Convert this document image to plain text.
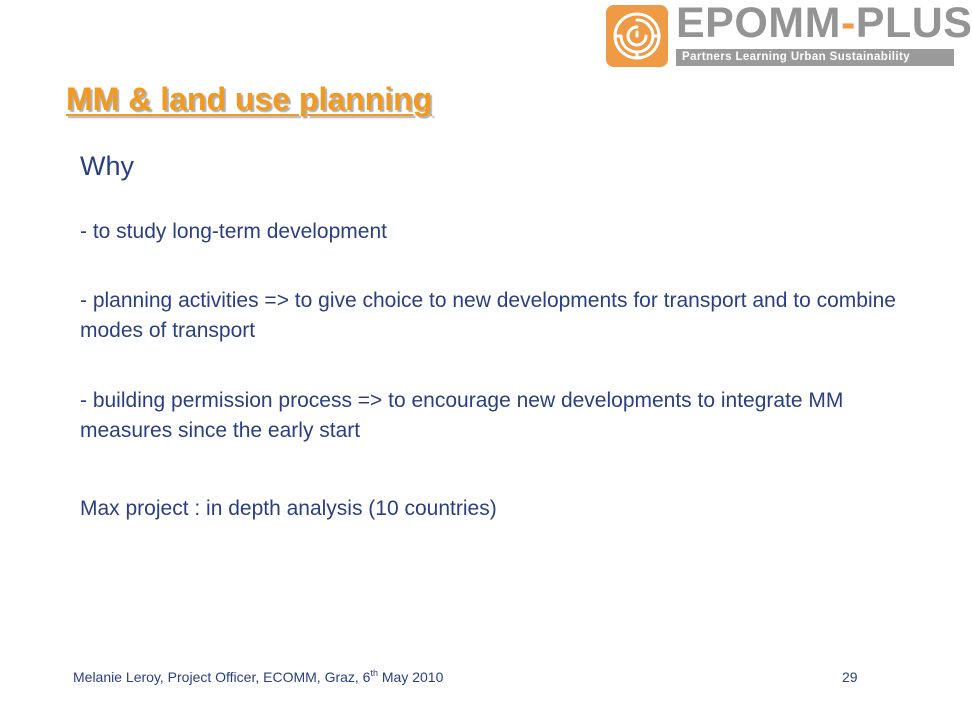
EPOMM-PLUS
Partners Learning Urban Sustainability
MM & land use planning
Why
- to study long-term development
- planning activities => to give choice to new developments for transport and to combine modes of transport
- building permission process => to encourage new developments to integrate MM measures since the early start
Max project : in depth analysis (10 countries)
Melanie Leroy, Project Officer, ECOMM, Graz, 6th May 2010	29
